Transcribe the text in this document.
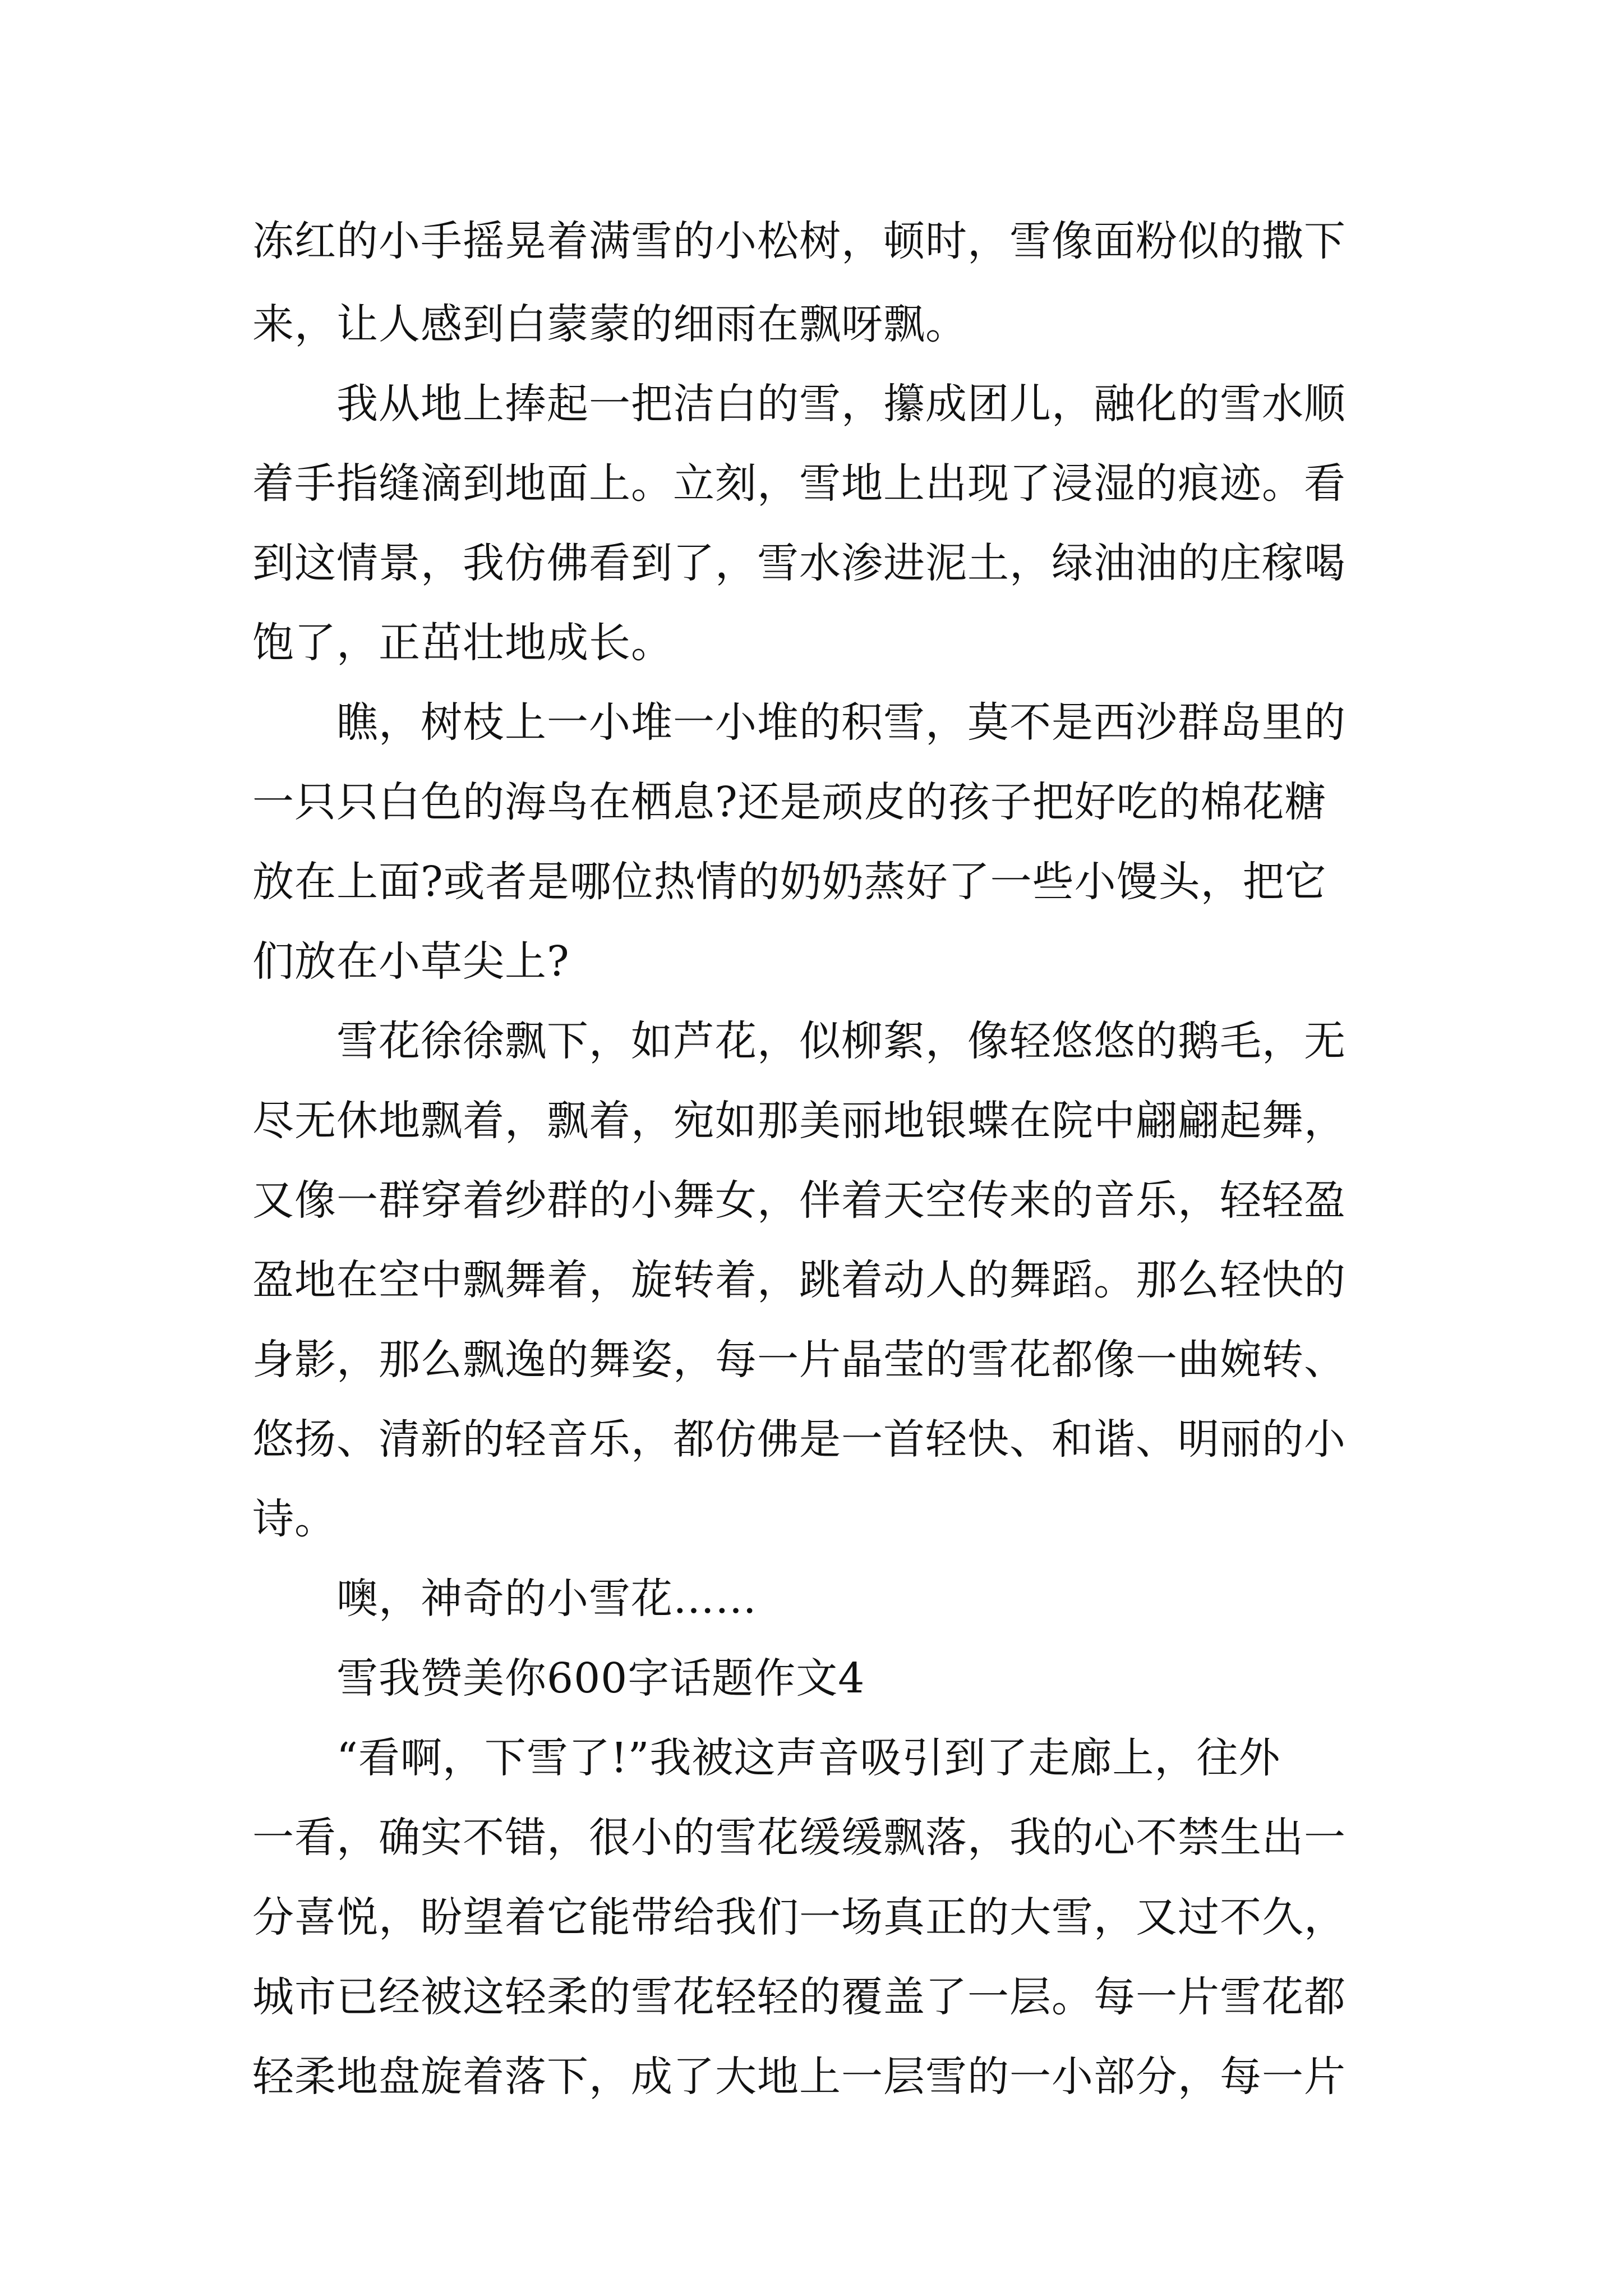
冻红的小手摇晃着满雪的小松树，顿时，雪像面粉似的撒下
来，让人感到白蒙蒙的细雨在飘呀飘。
我从地上捧起一把洁白的雪，攥成团儿，融化的雪水顺
着手指缝滴到地面上。立刻，雪地上出现了浸湿的痕迹。看
到这情景，我仿佛看到了，雪水渗进泥土，绿油油的庄稼喝
饱了，正茁壮地成长。
瞧，树枝上一小堆一小堆的积雪，莫不是西沙群岛里的
一只只白色的海鸟在栖息?还是顽皮的孩子把好吃的棉花糖
放在上面?或者是哪位热情的奶奶蒸好了一些小馒头，把它
们放在小草尖上?
雪花徐徐飘下，如芦花，似柳絮，像轻悠悠的鹅毛，无
尽无休地飘着，飘着，宛如那美丽地银蝶在院中翩翩起舞，
又像一群穿着纱群的小舞女，伴着天空传来的音乐，轻轻盈
盈地在空中飘舞着，旋转着，跳着动人的舞蹈。那么轻快的
身影，那么飘逸的舞姿，每一片晶莹的雪花都像一曲婉转、
悠扬、清新的轻音乐，都仿佛是一首轻快、和谐、明丽的小
诗。
噢，神奇的小雪花……
雪我赞美你600字话题作文4
“看啊，下雪了!”我被这声音吸引到了走廊上，往外
一看，确实不错，很小的雪花缓缓飘落，我的心不禁生出一
分喜悦，盼望着它能带给我们一场真正的大雪，又过不久，
城市已经被这轻柔的雪花轻轻的覆盖了一层。每一片雪花都
轻柔地盘旋着落下，成了大地上一层雪的一小部分，每一片
